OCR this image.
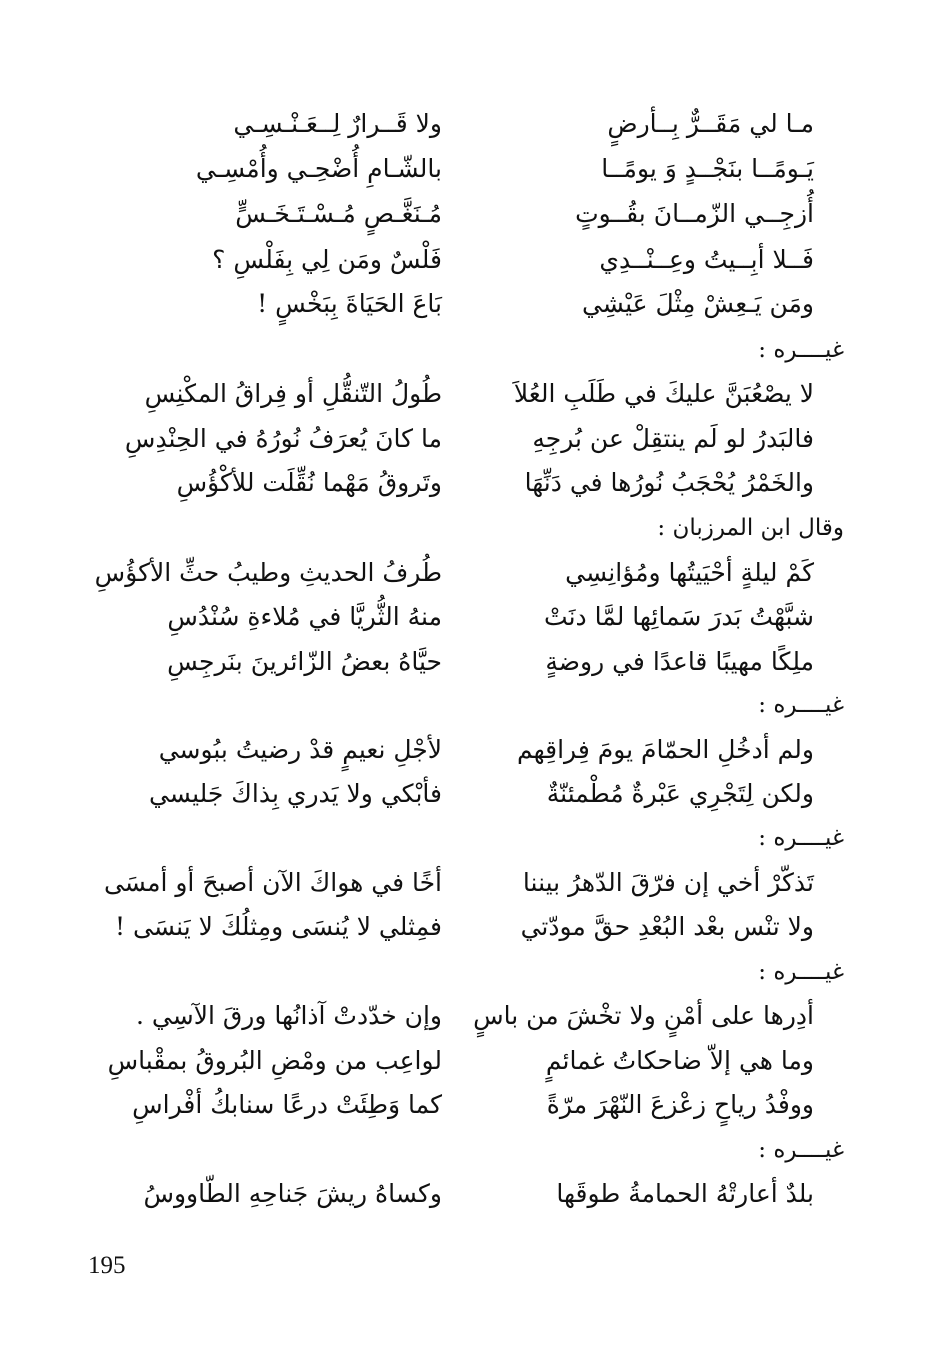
مـا لي مَقَــرٌّ بِــأرضٍ
ولا قَــرارٌ لِــعَـنْـسِـي
يَـومًــا بنَجْــدٍ وَ يومًــا
بالشّـامِ أُضْحِـي وأُمْسِـي
أُزجِــي الزّمــانَ بقُــوتٍ
مُـنَغَّـصٍ مُـسْـتَـخَـسٍّ
فَــلا أبِــيتُ وعِــنْــدِي
فَلْسٌ ومَن لِي بِفَلْسِ ؟
ومَن يَـعِشْ مِثْلَ عَيْشِي
بَاعَ الحَيَاةَ بِبَخْسٍ !
غيــــره :
لا يصْعُبَنَّ عليكَ في طَلَبِ العُلاَ
طُولُ التّنقُّلِ أو فِراقُ المكْنِسِ
فالبَدرُ لو لَم ينتقِلْ عن بُرجِهِ
ما كانَ يُعرَفُ نُورُهُ في الحِنْدِسِ
والخَمْرُ يُحْجَبُ نُورُها في دَنِّهَا
وتَروقُ مَهْما نُقِّلَت للأكْؤُسِ
وقال ابن المرزبان :
كَمْ ليلةٍ أحْيَيتُها ومُؤانِسِي
طُرفُ الحديثِ وطيبُ حثِّ الأكؤُسِ
شبَّهْتُ بَدرَ سَمائِها لمَّا دنَتْ
منهُ الثُّريَّا في مُلاءةِ سُنْدُسِ
ملِكًا مهيبًا قاعدًا في روضةٍ
حيَّاهُ بعضُ الزّائرينَ بنَرجِسِ
غيــــره :
ولم أدخُلِ الحمّامَ يومَ فِراقِهم
لأجْلِ نعيمٍ قدْ رضيتُ ببُوسي
ولكن لِتَجْرِي عَبْرةٌ مُطْمئنّةٌ
فأبْكي ولا يَدري بِذاكَ جَليسي
غيــــره :
تَذكّرْ أخي إن فرّقَ الدّهرُ بيننا
أخًا في هواكَ الآن أصبحَ أو أمسَى
ولا تنْس بعْد البُعْدِ حقَّ مودّتي
فمِثلي لا يُنسَى ومِثلُكَ لا يَنسَى !
غيــــره :
أدِرها على أمْنٍ ولا تخْشَ من باسٍ
وإن خدّدتْ آذانُها ورقَ الآسِي .
وما هي إلاّ ضاحكاتُ غمائمٍ
لواعِب من ومْضِ البُروقُ بمقْباسِ
ووفْدُ رياحٍ زعْزعَ النّهْرَ مرّةً
كما وَطِئَتْ درعًا سنابكُ أفْراسِ
غيــــره :
بلدٌ أعارتْهُ الحمامةُ طوقَها
وكساهُ ريشَ جَناحِهِ الطّاووسُ
195
